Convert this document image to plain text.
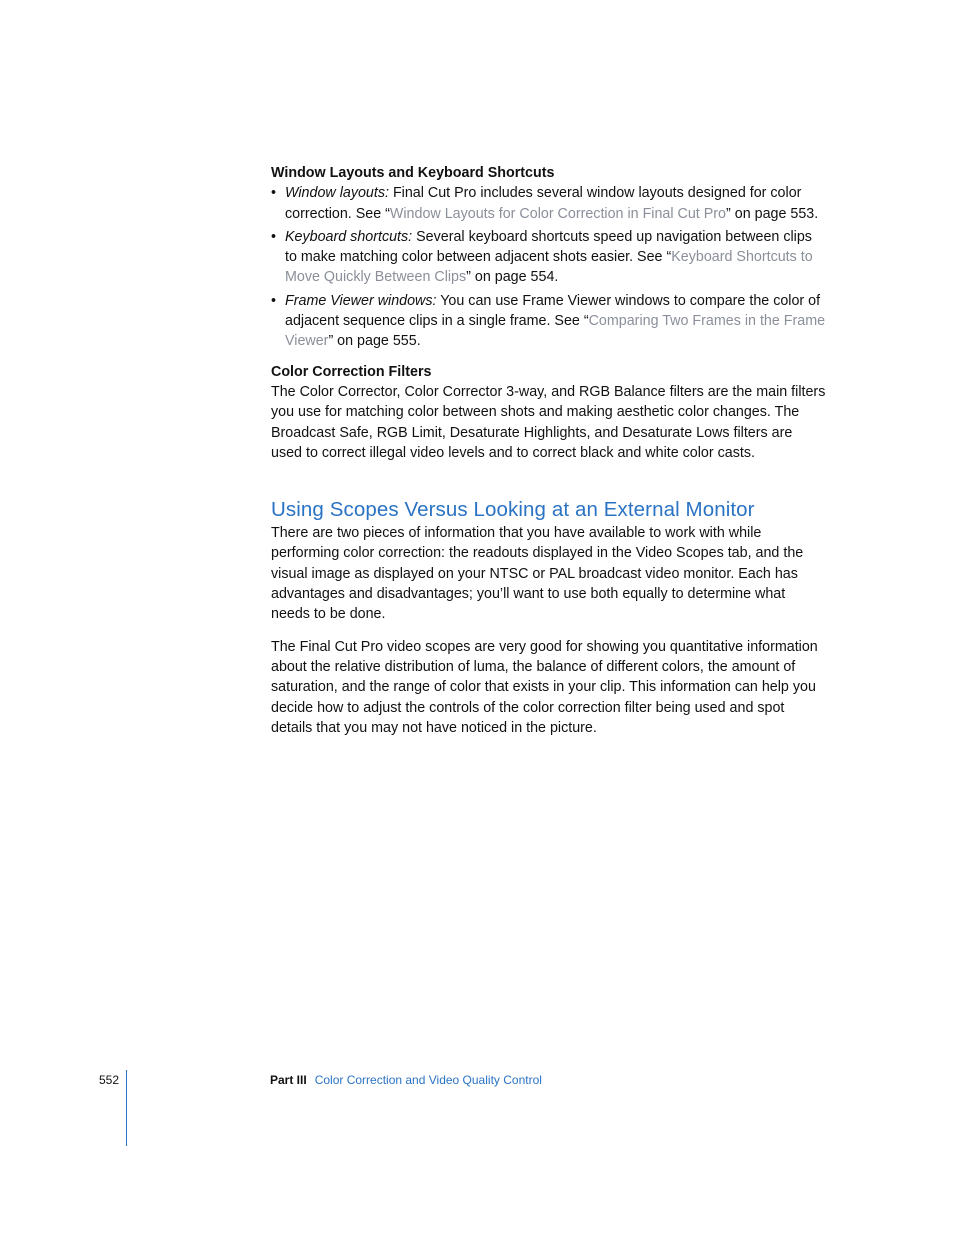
Window Layouts and Keyboard Shortcuts

• Window layouts: Final Cut Pro includes several window layouts designed for color correction. See “Window Layouts for Color Correction in Final Cut Pro” on page 553.
• Keyboard shortcuts: Several keyboard shortcuts speed up navigation between clips to make matching color between adjacent shots easier. See “Keyboard Shortcuts to Move Quickly Between Clips” on page 554.
• Frame Viewer windows: You can use Frame Viewer windows to compare the color of adjacent sequence clips in a single frame. See “Comparing Two Frames in the Frame Viewer” on page 555.

Color Correction Filters

The Color Corrector, Color Corrector 3-way, and RGB Balance filters are the main filters you use for matching color between shots and making aesthetic color changes. The Broadcast Safe, RGB Limit, Desaturate Highlights, and Desaturate Lows filters are used to correct illegal video levels and to correct black and white color casts.

Using Scopes Versus Looking at an External Monitor

There are two pieces of information that you have available to work with while performing color correction: the readouts displayed in the Video Scopes tab, and the visual image as displayed on your NTSC or PAL broadcast video monitor. Each has advantages and disadvantages; you’ll want to use both equally to determine what needs to be done.

The Final Cut Pro video scopes are very good for showing you quantitative information about the relative distribution of luma, the balance of different colors, the amount of saturation, and the range of color that exists in your clip. This information can help you decide how to adjust the controls of the color correction filter being used and spot details that you may not have noticed in the picture.

552	Part III Color Correction and Video Quality Control
